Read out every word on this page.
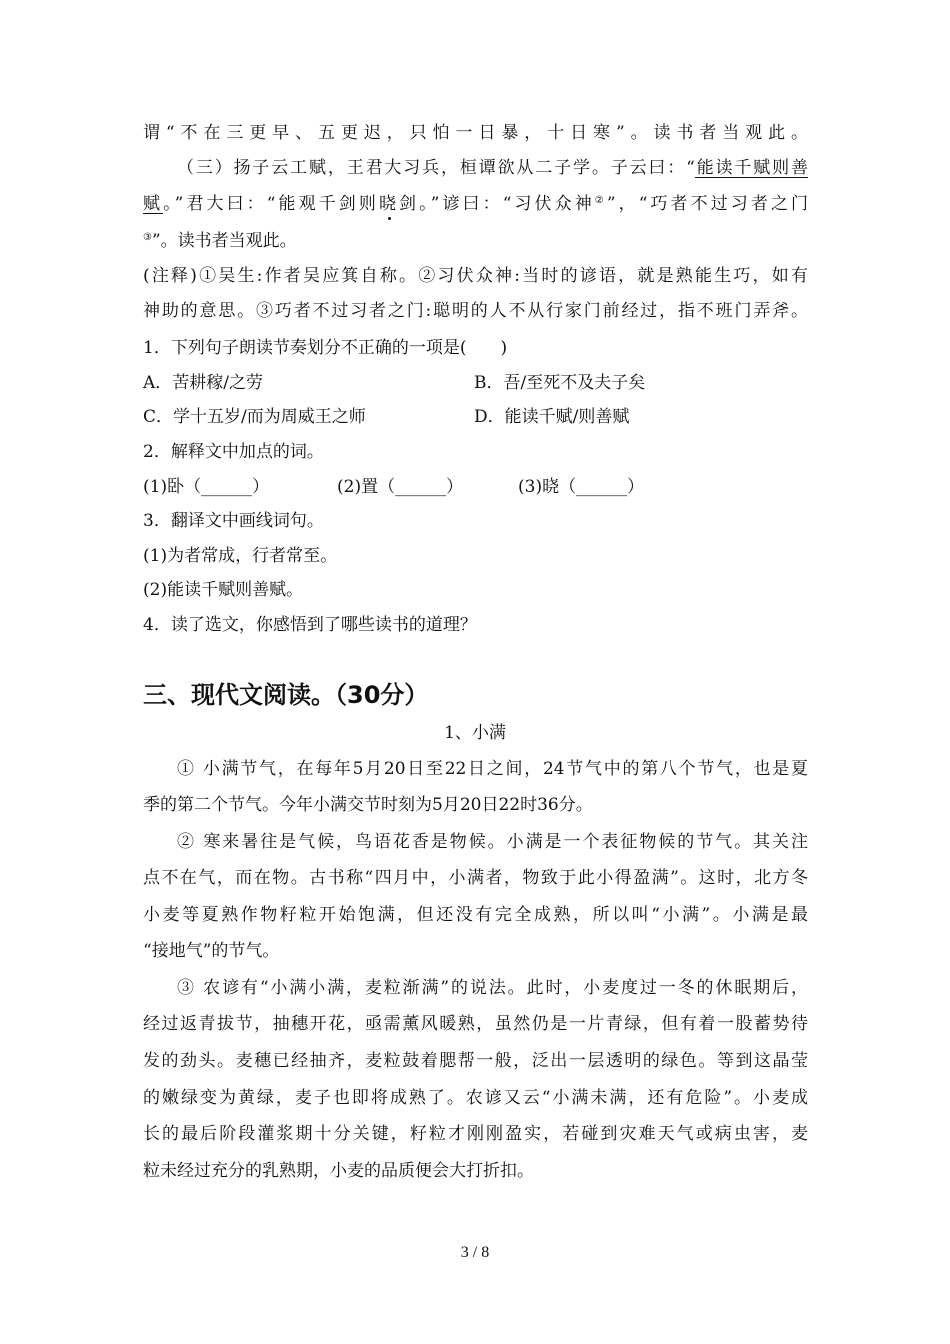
谓“不在三更早、五更迟，只怕一日暴，十日寒”。读书者当观此。
（三）扬子云工赋，王君大习兵，桓谭欲从二子学。子云曰：“能读千赋则善
赋。”君大曰：“能观千剑则晓剑。”谚曰：“习伏众神②”，“巧者不过习者之门
③”。读书者当观此。
(注释)①吴生:作者吴应箕自称。②习伏众神:当时的谚语，就是熟能生巧，如有
神助的意思。③巧者不过习者之门:聪明的人不从行家门前经过，指不班门弄斧。
1．下列句子朗读节奏划分不正确的一项是(　　)
A．苦耕稼/之劳	B．吾/至死不及夫子矣
C．学十五岁/而为周威王之师	D．能读千赋/则善赋
2．解释文中加点的词。
(1)卧（______）	(2)置（______）	(3)晓（______）
3．翻译文中画线词句。
(1)为者常成，行者常至。
(2)能读千赋则善赋。
4．读了选文，你感悟到了哪些读书的道理？
三、现代文阅读。（30分）
1、小满
① 小满节气，在每年5月20日至22日之间，24节气中的第八个节气，也是夏
季的第二个节气。今年小满交节时刻为5月20日22时36分。
② 寒来暑往是气候，鸟语花香是物候。小满是一个表征物候的节气。其关注
点不在气，而在物。古书称“四月中，小满者，物致于此小得盈满”。这时，北方冬
小麦等夏熟作物籽粒开始饱满，但还没有完全成熟，所以叫“小满”。小满是最
“接地气”的节气。
③ 农谚有“小满小满，麦粒渐满”的说法。此时，小麦度过一冬的休眠期后，
经过返青拔节，抽穗开花，亟需薰风暖熟，虽然仍是一片青绿，但有着一股蓄势待
发的劲头。麦穗已经抽齐，麦粒鼓着腮帮一般，泛出一层透明的绿色。等到这晶莹
的嫩绿变为黄绿，麦子也即将成熟了。农谚又云“小满未满，还有危险”。小麦成
长的最后阶段灌浆期十分关键，籽粒才刚刚盈实，若碰到灾难天气或病虫害，麦
粒未经过充分的乳熟期，小麦的品质便会大打折扣。
3 / 8
